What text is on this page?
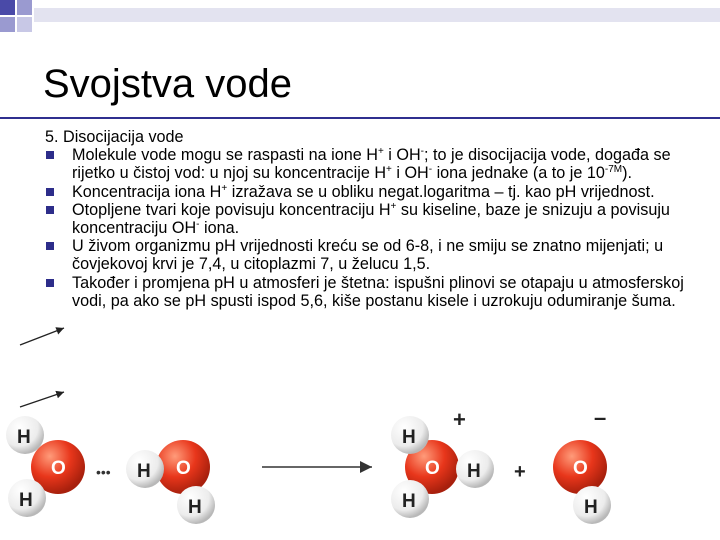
Svojstva vode

5. Disocijacija vode

Molekule vode mogu se raspasti na ione H+ i OH-; to je disocijacija vode, događa se rijetko u čistoj vod: u njoj su koncentracije H+ i OH- iona jednake (a to je $10^{-7M}$).
Koncentracija iona H+ izražava se u obliku negat.logaritma – tj. kao pH vrijednost.
Otopljene tvari koje povisuju koncentraciju H+ su kiseline, baze je snizuju a povisuju koncentraciju OH- iona.
U živom organizmu pH vrijednosti kreću se od 6-8, i ne smiju se znatno mijenjati; u čovjekovoj krvi je 7,4, u citoplazmi 7, u želucu 1,5.
Također i promjena pH u atmosferi je štetna: ispušni plinovi se otapaju u atmosferskoj vodi, pa ako se pH spusti ispod 5,6, kiše postanu kisele i uzrokuju odumiranje šuma.
O
H
H
•••	O
H
H
O
H
H
H
+
+ O
H
–
